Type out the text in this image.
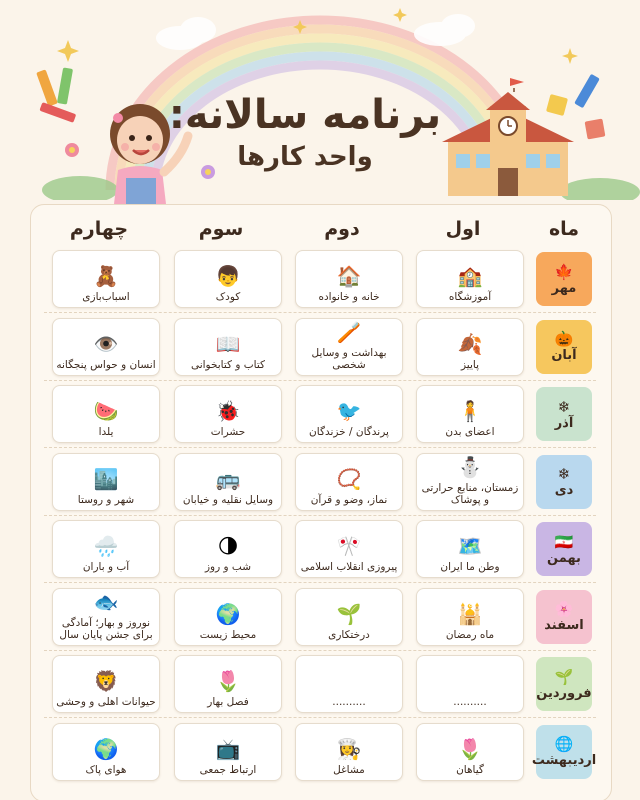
برنامه سالانه:
واحد کارها
ماه
اول
دوم
سوم
چهارم
🍁
مهر
🏫
آموزشگاه
🏠
خانه و خانواده
👦
کودک
🧸
اسباب‌بازی
🎃
آبان
🍂
پاییز
🪥
بهداشت و وسایل شخصی
📖
کتاب و کتابخوانی
👁️
انسان و حواس پنجگانه
❄
آذر
🧍
اعضای بدن
🐦
پرندگان / خزندگان
🐞
حشرات
🍉
یلدا
❄
دی
⛄
زمستان، منابع حرارتی و پوشاک
📿
نماز، وضو و قرآن
🚌
وسایل نقلیه و خیابان
🏙️
شهر و روستا
🇮🇷
بهمن
🗺️
وطن ما ایران
🎌
پیروزی انقلاب اسلامی
🌗
شب و روز
🌧️
آب و باران
🌸
اسفند
🕌
ماه رمضان
🌱
درختکاری
🌍
محیط زیست
🐟
نوروز و بهار؛ آمادگی برای جشن پایان سال
🌱
فروردین
..........
..........
🌷
فصل بهار
🦁
حیوانات اهلی و وحشی
🌐
اردیبهشت
🌷
گیاهان
👩‍🍳
مشاغل
📺
ارتباط جمعی
🌍
هوای پاک
